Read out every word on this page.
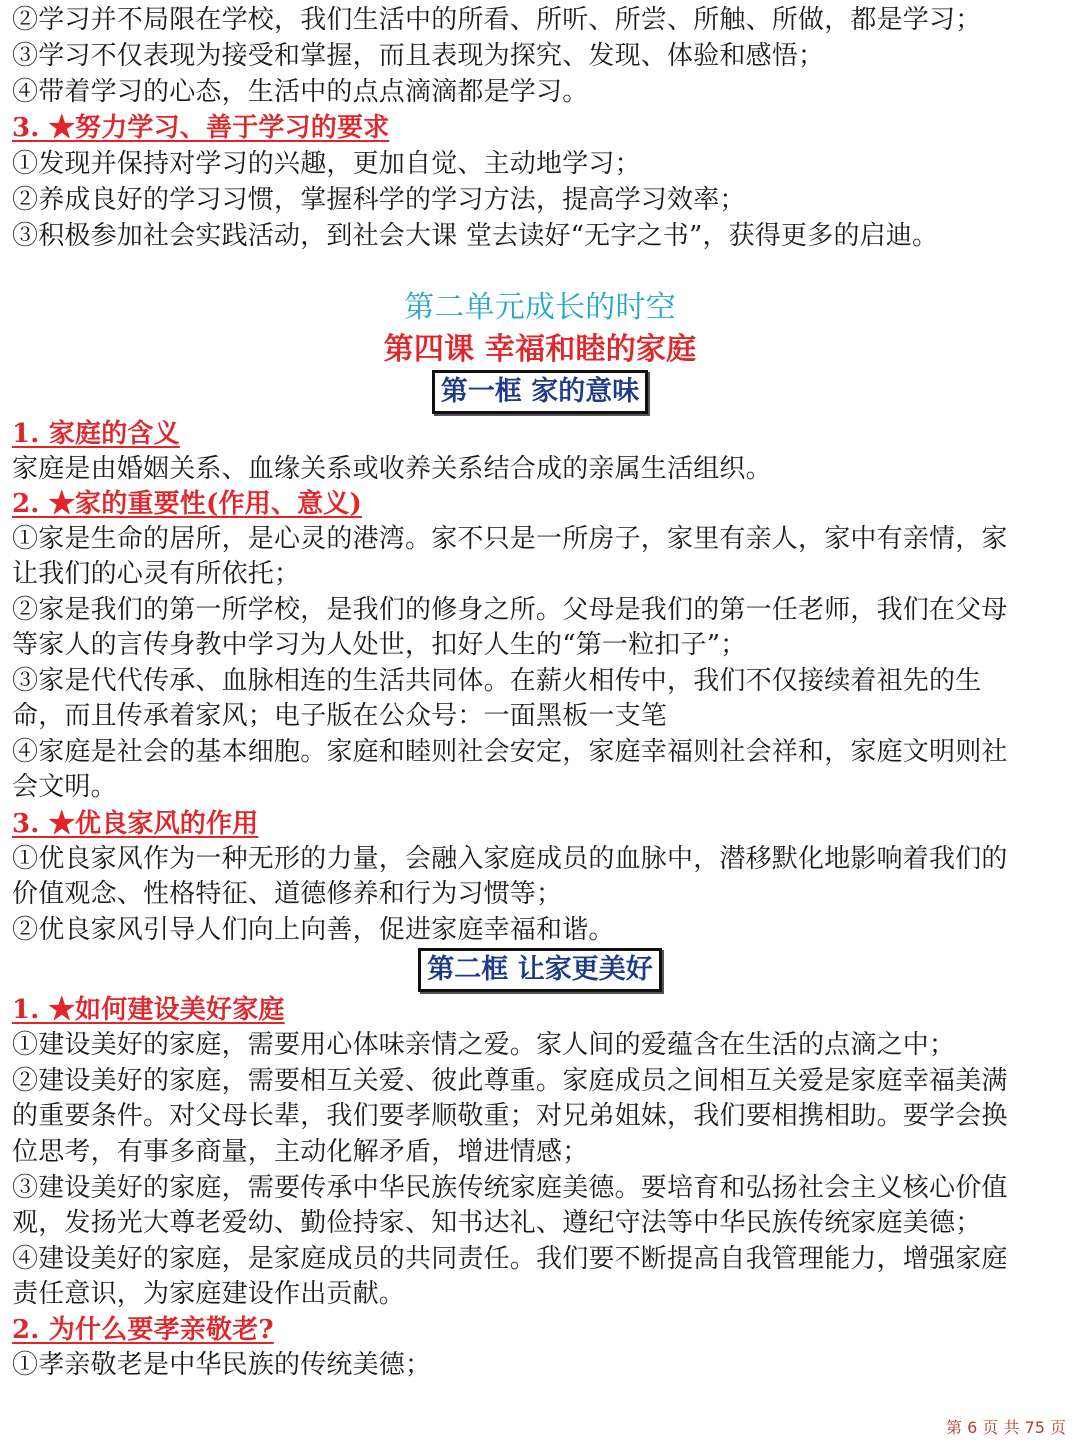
②学习并不局限在学校，我们生活中的所看、所听、所尝、所触、所做，都是学习；
③学习不仅表现为接受和掌握，而且表现为探究、发现、体验和感悟；
④带着学习的心态，生活中的点点滴滴都是学习。
3. ★努力学习、善于学习的要求
①发现并保持对学习的兴趣，更加自觉、主动地学习；
②养成良好的学习习惯，掌握科学的学习方法，提高学习效率；
③积极参加社会实践活动，到社会大课 堂去读好“无字之书”，获得更多的启迪。
第二单元成长的时空
第四课 幸福和睦的家庭
第一框 家的意味
1. 家庭的含义
家庭是由婚姻关系、血缘关系或收养关系结合成的亲属生活组织。
2. ★家的重要性(作用、意义)
①家是生命的居所，是心灵的港湾。家不只是一所房子，家里有亲人，家中有亲情，家
让我们的心灵有所依托；
②家是我们的第一所学校，是我们的修身之所。父母是我们的第一任老师，我们在父母
等家人的言传身教中学习为人处世，扣好人生的“第一粒扣子”；
③家是代代传承、血脉相连的生活共同体。在薪火相传中，我们不仅接续着祖先的生
命，而且传承着家风；电子版在公众号：一面黑板一支笔
④家庭是社会的基本细胞。家庭和睦则社会安定，家庭幸福则社会祥和，家庭文明则社
会文明。
3. ★优良家风的作用
①优良家风作为一种无形的力量，会融入家庭成员的血脉中，潜移默化地影响着我们的
价值观念、性格特征、道德修养和行为习惯等；
②优良家风引导人们向上向善，促进家庭幸福和谐。
第二框 让家更美好
1. ★如何建设美好家庭
①建设美好的家庭，需要用心体味亲情之爱。家人间的爱蕴含在生活的点滴之中；
②建设美好的家庭，需要相互关爱、彼此尊重。家庭成员之间相互关爱是家庭幸福美满
的重要条件。对父母长辈，我们要孝顺敬重；对兄弟姐妹，我们要相携相助。要学会换
位思考，有事多商量，主动化解矛盾，增进情感；
③建设美好的家庭，需要传承中华民族传统家庭美德。要培育和弘扬社会主义核心价值
观，发扬光大尊老爱幼、勤俭持家、知书达礼、遵纪守法等中华民族传统家庭美德；
④建设美好的家庭，是家庭成员的共同责任。我们要不断提高自我管理能力，增强家庭
责任意识，为家庭建设作出贡献。
2. 为什么要孝亲敬老?
①孝亲敬老是中华民族的传统美德；
第 6 页 共 75 页
